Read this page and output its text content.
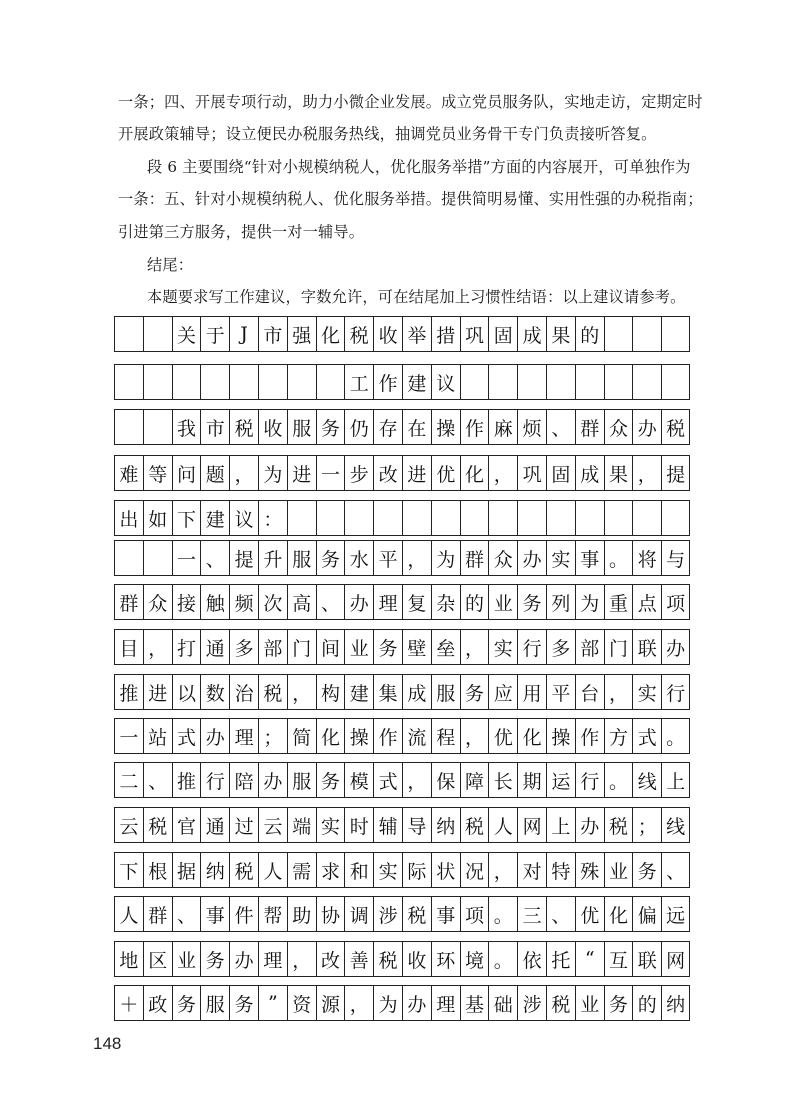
一条；四、开展专项行动，助力小微企业发展。成立党员服务队，实地走访，定期定时

开展政策辅导；设立便民办税服务热线，抽调党员业务骨干专门负责接听答复。

段 6 主要围绕“针对小规模纳税人，优化服务举措”方面的内容展开，可单独作为

一条：五、针对小规模纳税人、优化服务举措。提供简明易懂、实用性强的办税指南；

引进第三方服务，提供一对一辅导。

结尾：

本题要求写工作建议，字数允许，可在结尾加上习惯性结语：以上建议请参考。

关 于 J 市 强 化 税 收 举 措 巩 固 成 果 的
工 作 建 议
我 市 税 收 服 务 仍 存 在 操 作 麻 烦 、 群 众 办 税
难 等 问 题 ， 为 进 一 步 改 进 优 化 ， 巩 固 成 果 ， 提
出 如 下 建 议 ：
一 、 提 升 服 务 水 平 ， 为 群 众 办 实 事 。 将 与
群 众 接 触 频 次 高 、 办 理 复 杂 的 业 务 列 为 重 点 项
目 ， 打 通 多 部 门 间 业 务 壁 垒 ， 实 行 多 部 门 联 办
推 进 以 数 治 税 ， 构 建 集 成 服 务 应 用 平 台 ， 实 行
一 站 式 办 理 ； 简 化 操 作 流 程 ， 优 化 操 作 方 式 。
二 、 推 行 陪 办 服 务 模 式 ， 保 障 长 期 运 行 。 线 上
云 税 官 通 过 云 端 实 时 辅 导 纳 税 人 网 上 办 税 ； 线
下 根 据 纳 税 人 需 求 和 实 际 状 况 ， 对 特 殊 业 务 、
人 群 、 事 件 帮 助 协 调 涉 税 事 项 。 三 、 优 化 偏 远
地 区 业 务 办 理 ， 改 善 税 收 环 境 。 依 托 “ 互 联 网
＋ 政 务 服 务 ” 资 源 ， 为 办 理 基 础 涉 税 业 务 的 纳
148
